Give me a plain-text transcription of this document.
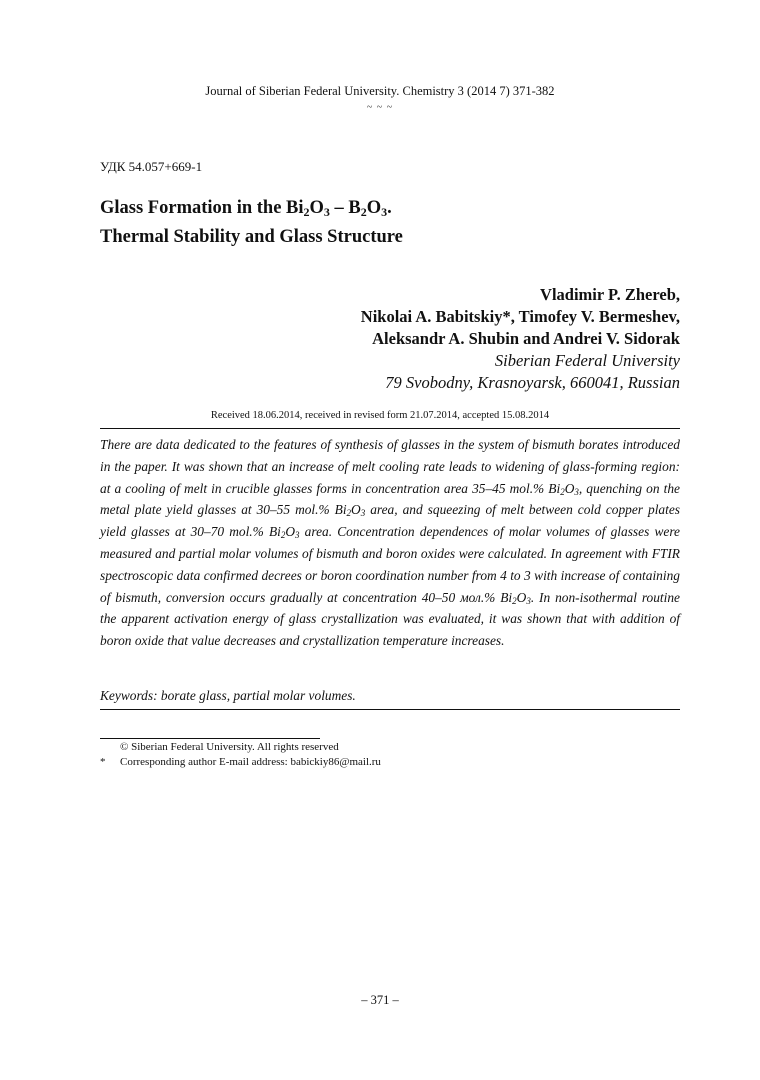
Journal of Siberian Federal University. Chemistry 3 (2014 7) 371-382
~ ~ ~
УДК 54.057+669-1
Glass Formation in the $Bi_2O_3 - B_2O_3$.
Thermal Stability and Glass Structure
Vladimir P. Zhereb,
Nikolai A. Babitskiy*, Timofey V. Bermeshev,
Aleksandr A. Shubin and Andrei V. Sidorak
Siberian Federal University
79 Svobodny, Krasnoyarsk, 660041, Russian
Received 18.06.2014, received in revised form 21.07.2014, accepted 15.08.2014
There are data dedicated to the features of synthesis of glasses in the system of bismuth borates introduced in the paper. It was shown that an increase of melt cooling rate leads to widening of glass-forming region: at a cooling of melt in crucible glasses forms in concentration area 35–45 mol.% $Bi_2O_3$, quenching on the metal plate yield glasses at 30–55 mol.% $Bi_2O_3$ area, and squeezing of melt between cold copper plates yield glasses at 30–70 mol.% $Bi_2O_3$ area. Concentration dependences of molar volumes of glasses were measured and partial molar volumes of bismuth and boron oxides were calculated. In agreement with FTIR spectroscopic data confirmed decrees or boron coordination number from 4 to 3 with increase of containing of bismuth, conversion occurs gradually at concentration 40–50 мол.% $Bi_2O_3$. In non-isothermal routine the apparent activation energy of glass crystallization was evaluated, it was shown that with addition of boron oxide that value decreases and crystallization temperature increases.
Keywords: borate glass, partial molar volumes.
© Siberian Federal University. All rights reserved
* Corresponding author E-mail address: babickiy86@mail.ru
– 371 –
